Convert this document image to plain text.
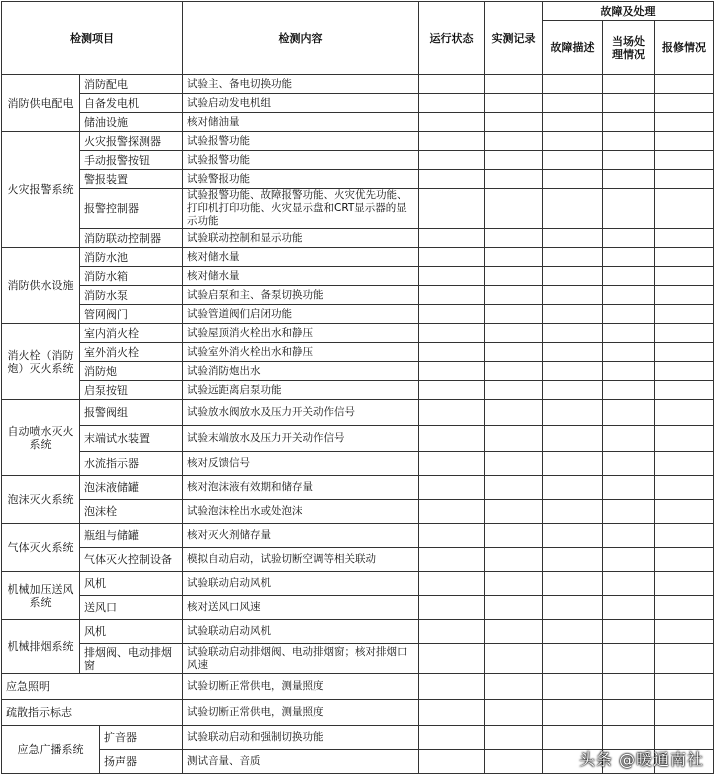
检测项目			检测内容	运行状态	实测记录	故障及处理		
						故障描述	当场处理情况	报修情况
消防供电配电	消防配电		试验主、备电切换功能					
	自备发电机		试验启动发电机组					
	储油设施		核对储油量					
火灾报警系统	火灾报警探测器		试验报警功能					
	手动报警按钮		试验报警功能					
	警报装置		试验警报功能					
	报警控制器		试验报警功能、故障报警功能、火灾优先功能、打印机打印功能、火灾显示盘和CRT显示器的显示功能					
	消防联动控制器		试验联动控制和显示功能					
消防供水设施	消防水池		核对储水量					
	消防水箱		核对储水量					
	消防水泵		试验启泵和主、备泵切换功能					
	管网阀门		试验管道阀们启闭功能					
消火栓（消防炮）灭火系统	室内消火栓		试验屋顶消火栓出水和静压					
	室外消火栓		试验室外消火栓出水和静压					
	消防炮		试验消防炮出水					
	启泵按钮		试验远距离启泵功能					
自动喷水灭火系统	报警阀组		试验放水阀放水及压力开关动作信号					
	末端试水装置		试验末端放水及压力开关动作信号					
	水流指示器		核对反馈信号					
泡沫灭火系统	泡沫液储罐		核对泡沫液有效期和储存量					
	泡沫栓		试验泡沫栓出水或处泡沫					
气体灭火系统	瓶组与储罐		核对灭火剂储存量					
	气体灭火控制设备		模拟自动启动，试验切断空调等相关联动					
机械加压送风系统	风机		试验联动启动风机					
	送风口		核对送风口风速					
机械排烟系统	风机		试验联动启动风机					
	排烟阀、电动排烟窗		试验联动启动排烟阀、电动排烟窗；核对排烟口风速					
应急照明			试验切断正常供电，测量照度					
疏散指示标志			试验切断正常供电，测量照度					
应急广播系统		扩音器	试验联动启动和强制切换功能					
		扬声器	测试音量、音质						头条 @暖通南社
